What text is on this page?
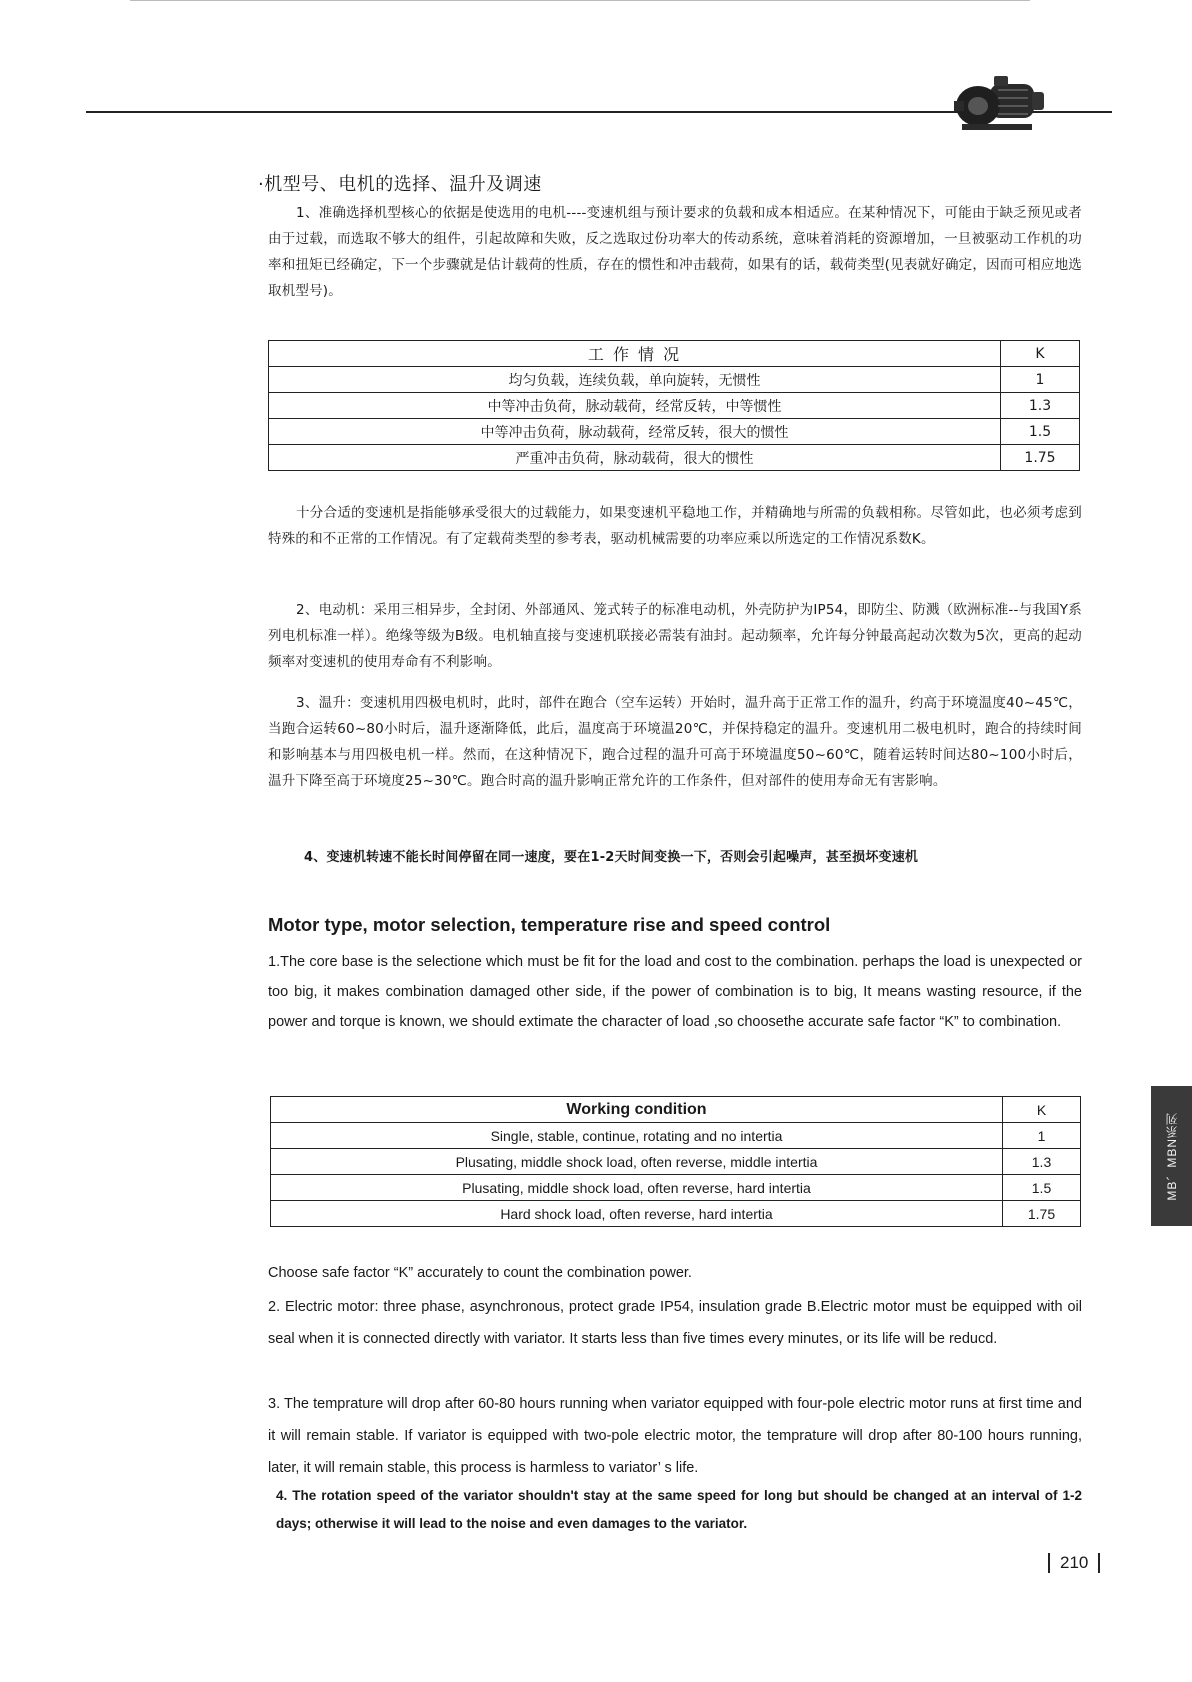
·机型号、电机的选择、温升及调速

1、准确选择机型核心的依据是使选用的电机----变速机组与预计要求的负载和成本相适应。在某种情况下，可能由于缺乏预见或者由于过载，而选取不够大的组件，引起故障和失败，反之选取过份功率大的传动系统，意味着消耗的资源增加，一旦被驱动工作机的功率和扭矩已经确定，下一个步骤就是估计载荷的性质，存在的惯性和冲击载荷，如果有的话，载荷类型(见表就好确定，因而可相应地选取机型号)。

工 作 情 况	K
均匀负载，连续负载，单向旋转，无惯性	1
中等冲击负荷，脉动载荷，经常反转，中等惯性	1.3
中等冲击负荷，脉动载荷，经常反转，很大的惯性	1.5
严重冲击负荷，脉动载荷，很大的惯性	1.75

十分合适的变速机是指能够承受很大的过载能力，如果变速机平稳地工作，并精确地与所需的负载相称。尽管如此，也必须考虑到特殊的和不正常的工作情况。有了定载荷类型的参考表，驱动机械需要的功率应乘以所选定的工作情况系数K。

2、电动机：采用三相异步，全封闭、外部通风、笼式转子的标准电动机，外壳防护为IP54，即防尘、防溅（欧洲标准--与我国Y系列电机标准一样）。绝缘等级为B级。电机轴直接与变速机联接必需装有油封。起动频率，允许每分钟最高起动次数为5次，更高的起动频率对变速机的使用寿命有不利影响。

3、温升：变速机用四极电机时，此时，部件在跑合（空车运转）开始时，温升高于正常工作的温升，约高于环境温度40~45℃，当跑合运转60~80小时后，温升逐渐降低，此后，温度高于环境温20℃，并保持稳定的温升。变速机用二极电机时，跑合的持续时间和影响基本与用四极电机一样。然而，在这种情况下，跑合过程的温升可高于环境温度50~60℃，随着运转时间达80~100小时后，温升下降至高于环境度25~30℃。跑合时高的温升影响正常允许的工作条件，但对部件的使用寿命无有害影响。

4、变速机转速不能长时间停留在同一速度，要在1-2天时间变换一下，否则会引起噪声，甚至损坏变速机

Motor type, motor selection, temperature rise and speed control

1.The core base is the selectione which must be fit for the load and cost to the combination. perhaps the load is unexpected or too big, it makes combination damaged other side, if the power of combination is to big, It means wasting resource, if the power and torque is known, we should extimate the character of load ,so choosethe accurate safe factor “K” to combination.

Working condition	K
Single, stable, continue, rotating and no intertia	1
Plusating, middle shock load, often reverse, middle intertia	1.3
Plusating, middle shock load, often reverse, hard intertia	1.5
Hard shock load, often reverse, hard intertia	1.75

Choose safe factor “K” accurately to count the combination power.

2. Electric motor: three phase, asynchronous, protect grade IP54, insulation grade B.Electric motor must be equipped with oil seal when it is connected directly with variator. It starts less than five times every minutes, or its life will be reducd.

3. The temprature will drop after 60-80 hours running when variator equipped with four-pole electric motor runs at first time and it will remain stable. If variator is equipped with two-pole electric motor, the temprature will drop after 80-100 hours running, later, it will remain stable, this process is harmless to variator’ s life.

4. The rotation speed of the variator shouldn't stay at the same speed for long but should be changed at an interval of 1-2 days; otherwise it will lead to the noise and even damages to the variator.

MB、MBN系列
210
